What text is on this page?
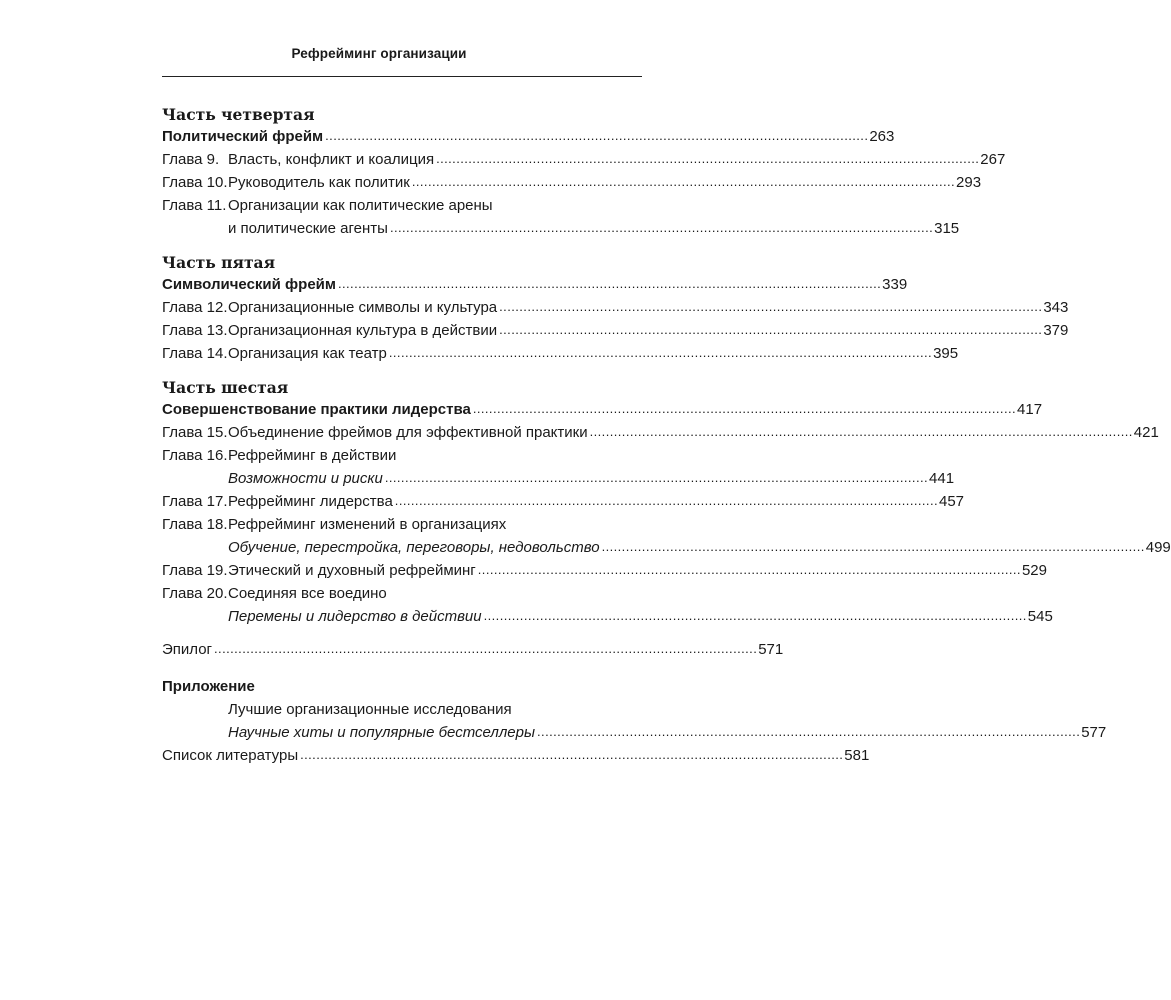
Рефрейминг организации
Часть четвертая
Политический фрейм . . .	263
Глава 9. Власть, конфликт и коалиция . . .	267
Глава 10. Руководитель как политик . . .	293
Глава 11. Организации как политические арены
и политические агенты . . .	315
Часть пятая
Символический фрейм . . .	339
Глава 12. Организационные символы и культура . . .	343
Глава 13. Организационная культура в действии . . .	379
Глава 14. Организация как театр . . .	395
Часть шестая
Совершенствование практики лидерства . . .	417
Глава 15. Объединение фреймов для эффективной практики . . .	421
Глава 16. Рефрейминг в действии
Возможности и риски . . .	441
Глава 17. Рефрейминг лидерства . . .	457
Глава 18. Рефрейминг изменений в организациях
Обучение, перестройка, переговоры, недовольство . . .	499
Глава 19. Этический и духовный рефрейминг . . .	529
Глава 20. Соединяя все воедино
Перемены и лидерство в действии . . .	545
Эпилог . . .	571
Приложение
Лучшие организационные исследования
Научные хиты и популярные бестселлеры . . .	577
Список литературы . . .	581
